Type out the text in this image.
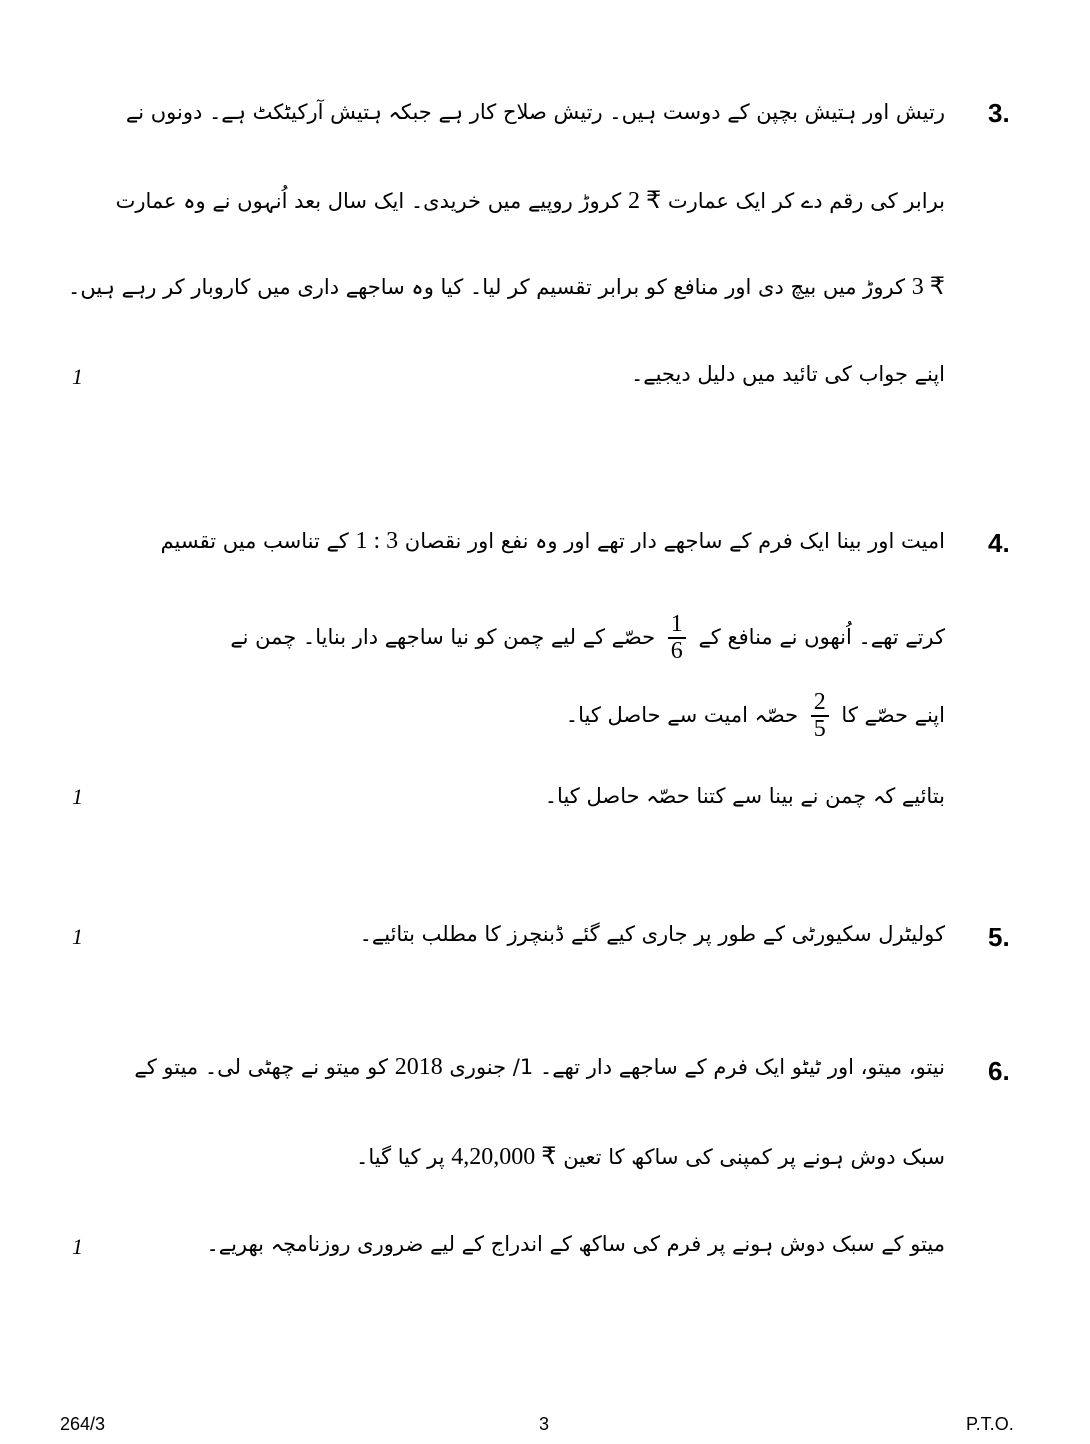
3.
رتیش اور ہتیش بچپن کے دوست ہیں۔ رتیش صلاح کار ہے جبکہ ہتیش آرکیٹکٹ ہے۔ دونوں نے
برابر کی رقم دے کر ایک عمارت 2 ₹ کروڑ روپیے میں خریدی۔ ایک سال بعد اُنہوں نے وہ عمارت
3 ₹ کروڑ میں بیچ دی اور منافع کو برابر تقسیم کر لیا۔ کیا وہ ساجھے داری میں کاروبار کر رہے ہیں۔
اپنے جواب کی تائید میں دلیل دیجیے۔
1
4.
امیت اور بینا ایک فرم کے ساجھے دار تھے اور وہ نفع اور نقصان 1 : 3 کے تناسب میں تقسیم
کرتے تھے۔ اُنھوں نے منافع کے
$\frac{1}{6}$
حصّے کے لیے چمن کو نیا ساجھے دار بنایا۔ چمن نے
اپنے حصّے کا
$\frac{2}{5}$
حصّہ امیت سے حاصل کیا۔
بتائیے کہ چمن نے بینا سے کتنا حصّہ حاصل کیا۔
1
5.
کولیٹرل سکیورٹی کے طور پر جاری کیے گئے ڈبنچرز کا مطلب بتائیے۔
1
6.
نیتو، میتو، اور ٹیٹو ایک فرم کے ساجھے دار تھے۔ 1/ جنوری 2018 کو میتو نے چھٹی لی۔ میتو کے
سبک دوش ہونے پر کمپنی کی ساکھ کا تعین 4,20,000 ₹ پر کیا گیا۔
میتو کے سبک دوش ہونے پر فرم کی ساکھ کے اندراج کے لیے ضروری روزنامچہ بھریے۔
1
264/3	3	P.T.O.
